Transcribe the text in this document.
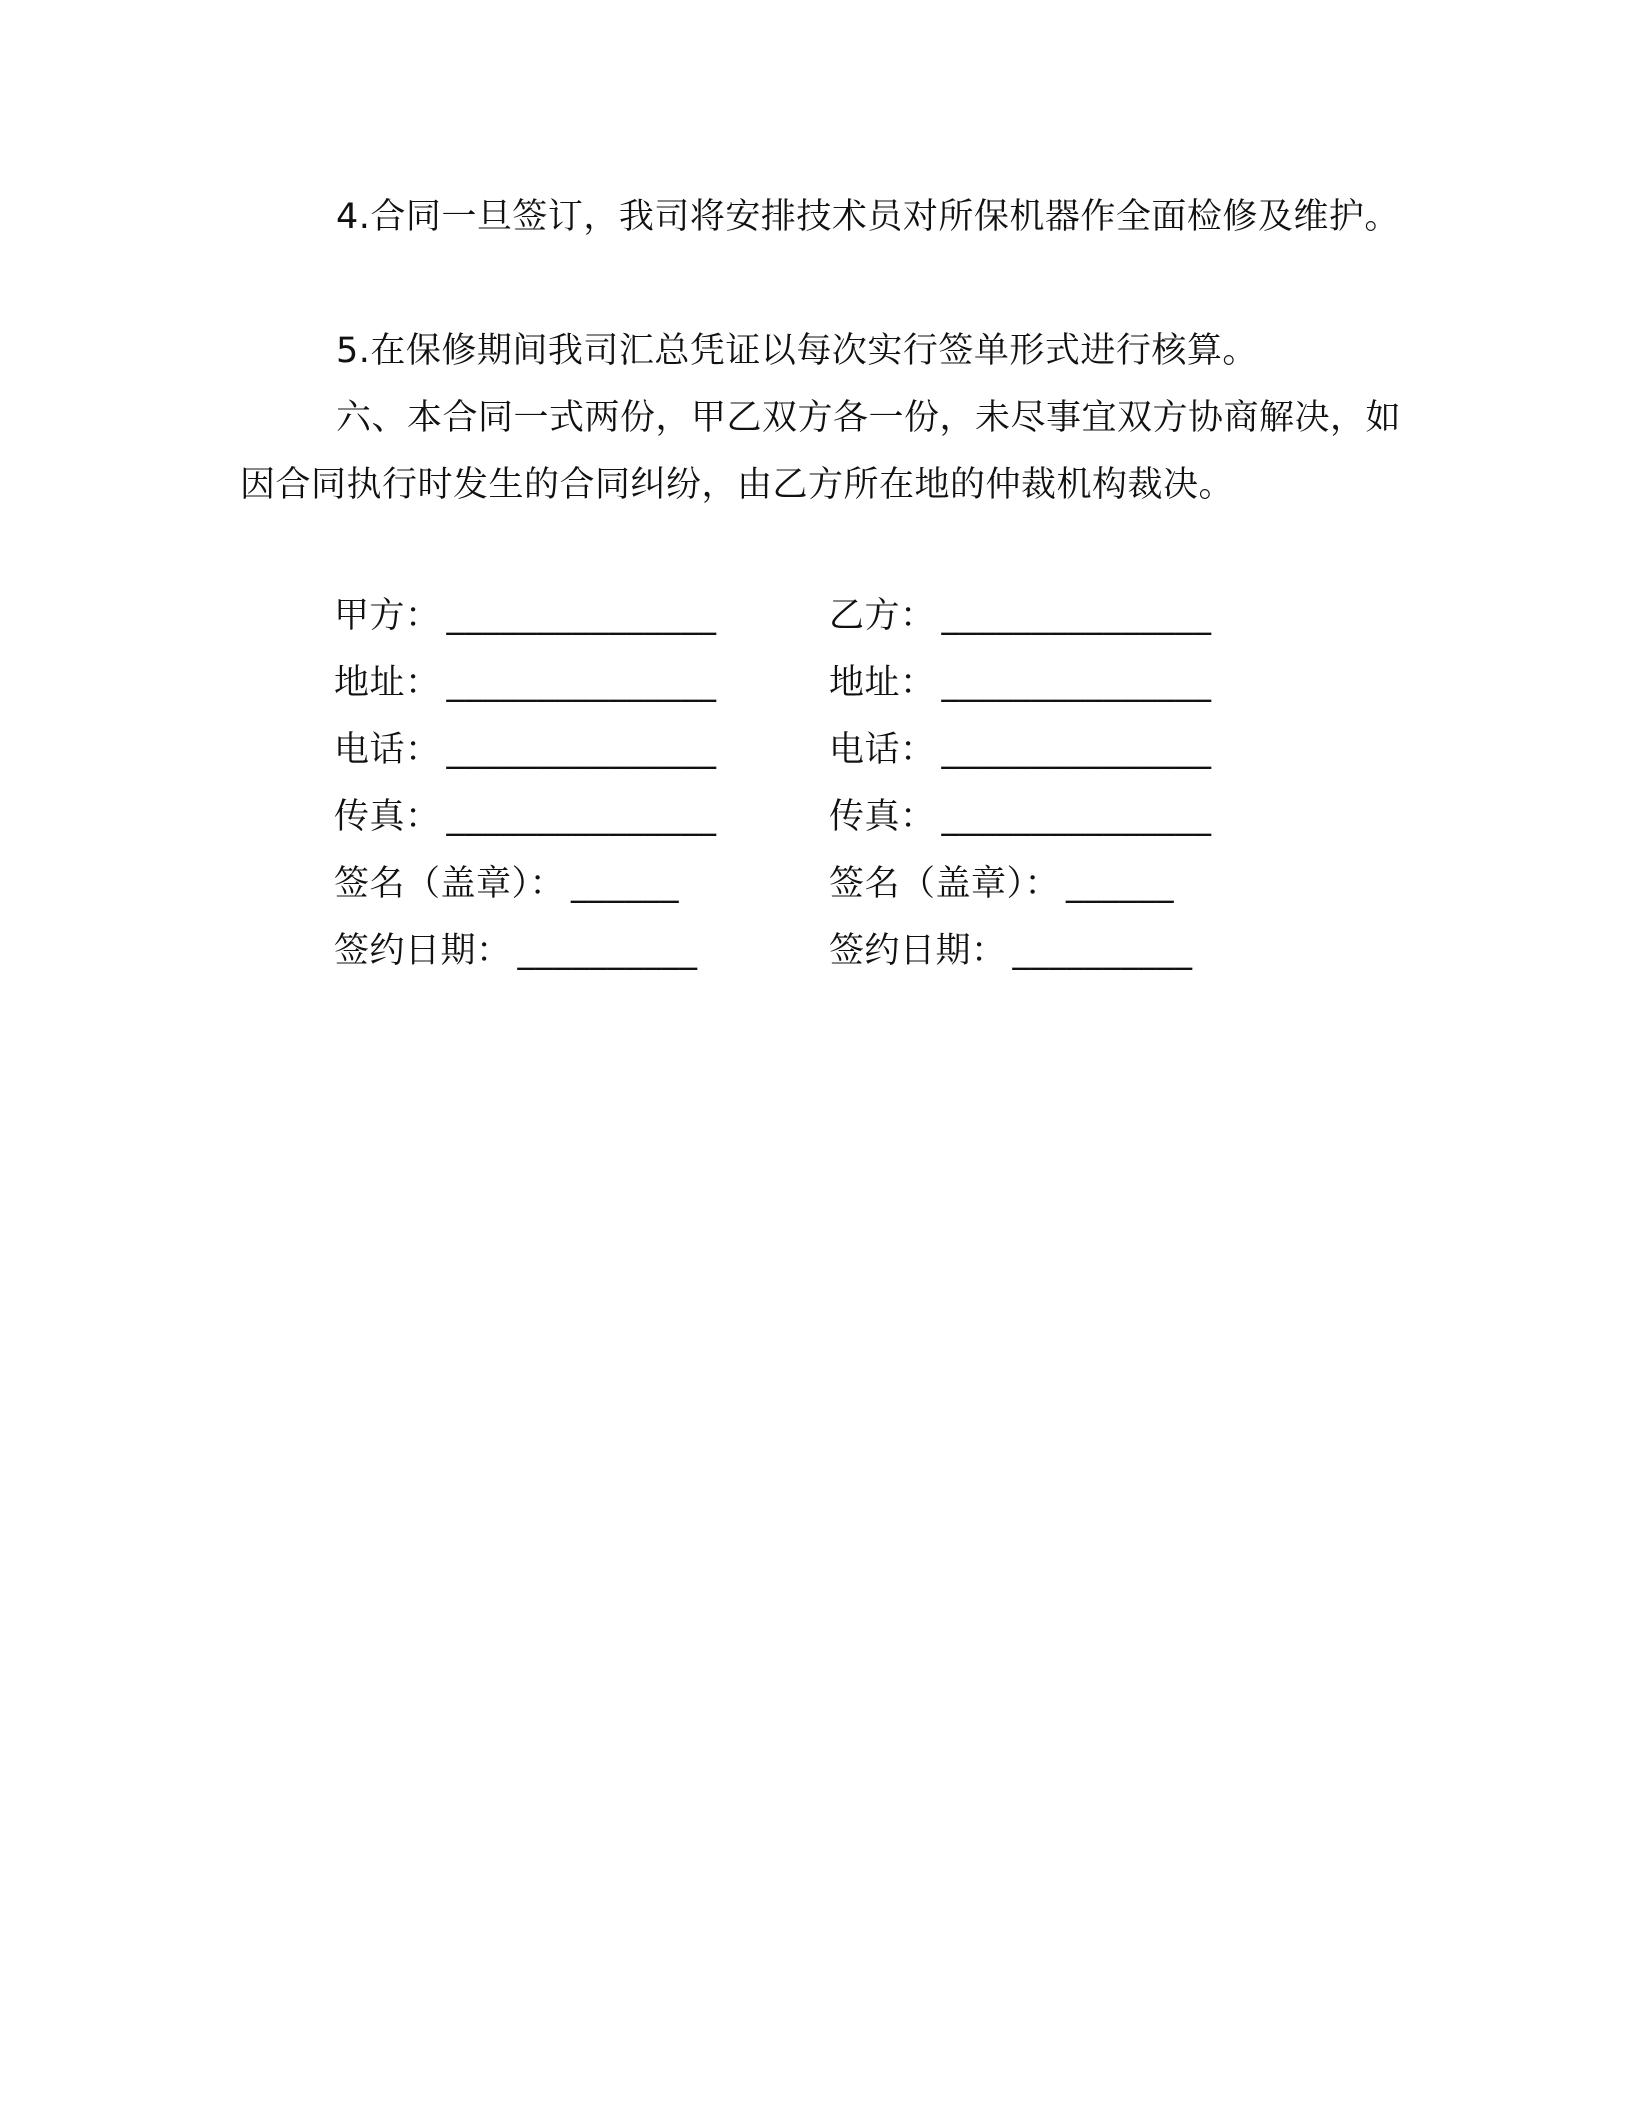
4.合同一旦签订，我司将安排技术员对所保机器作全面检修及维护。

5.在保修期间我司汇总凭证以每次实行签单形式进行核算。

六、本合同一式两份，甲乙双方各一份，未尽事宜双方协商解决，如因合同执行时发生的合同纠纷，由乙方所在地的仲裁机构裁决。

甲方： _______________
地址： _______________
电话： _______________
传真： _______________
签名（盖章）： ______
签约日期： __________
乙方： _______________
地址： _______________
电话： _______________
传真： _______________
签名（盖章）： ______
签约日期： __________
